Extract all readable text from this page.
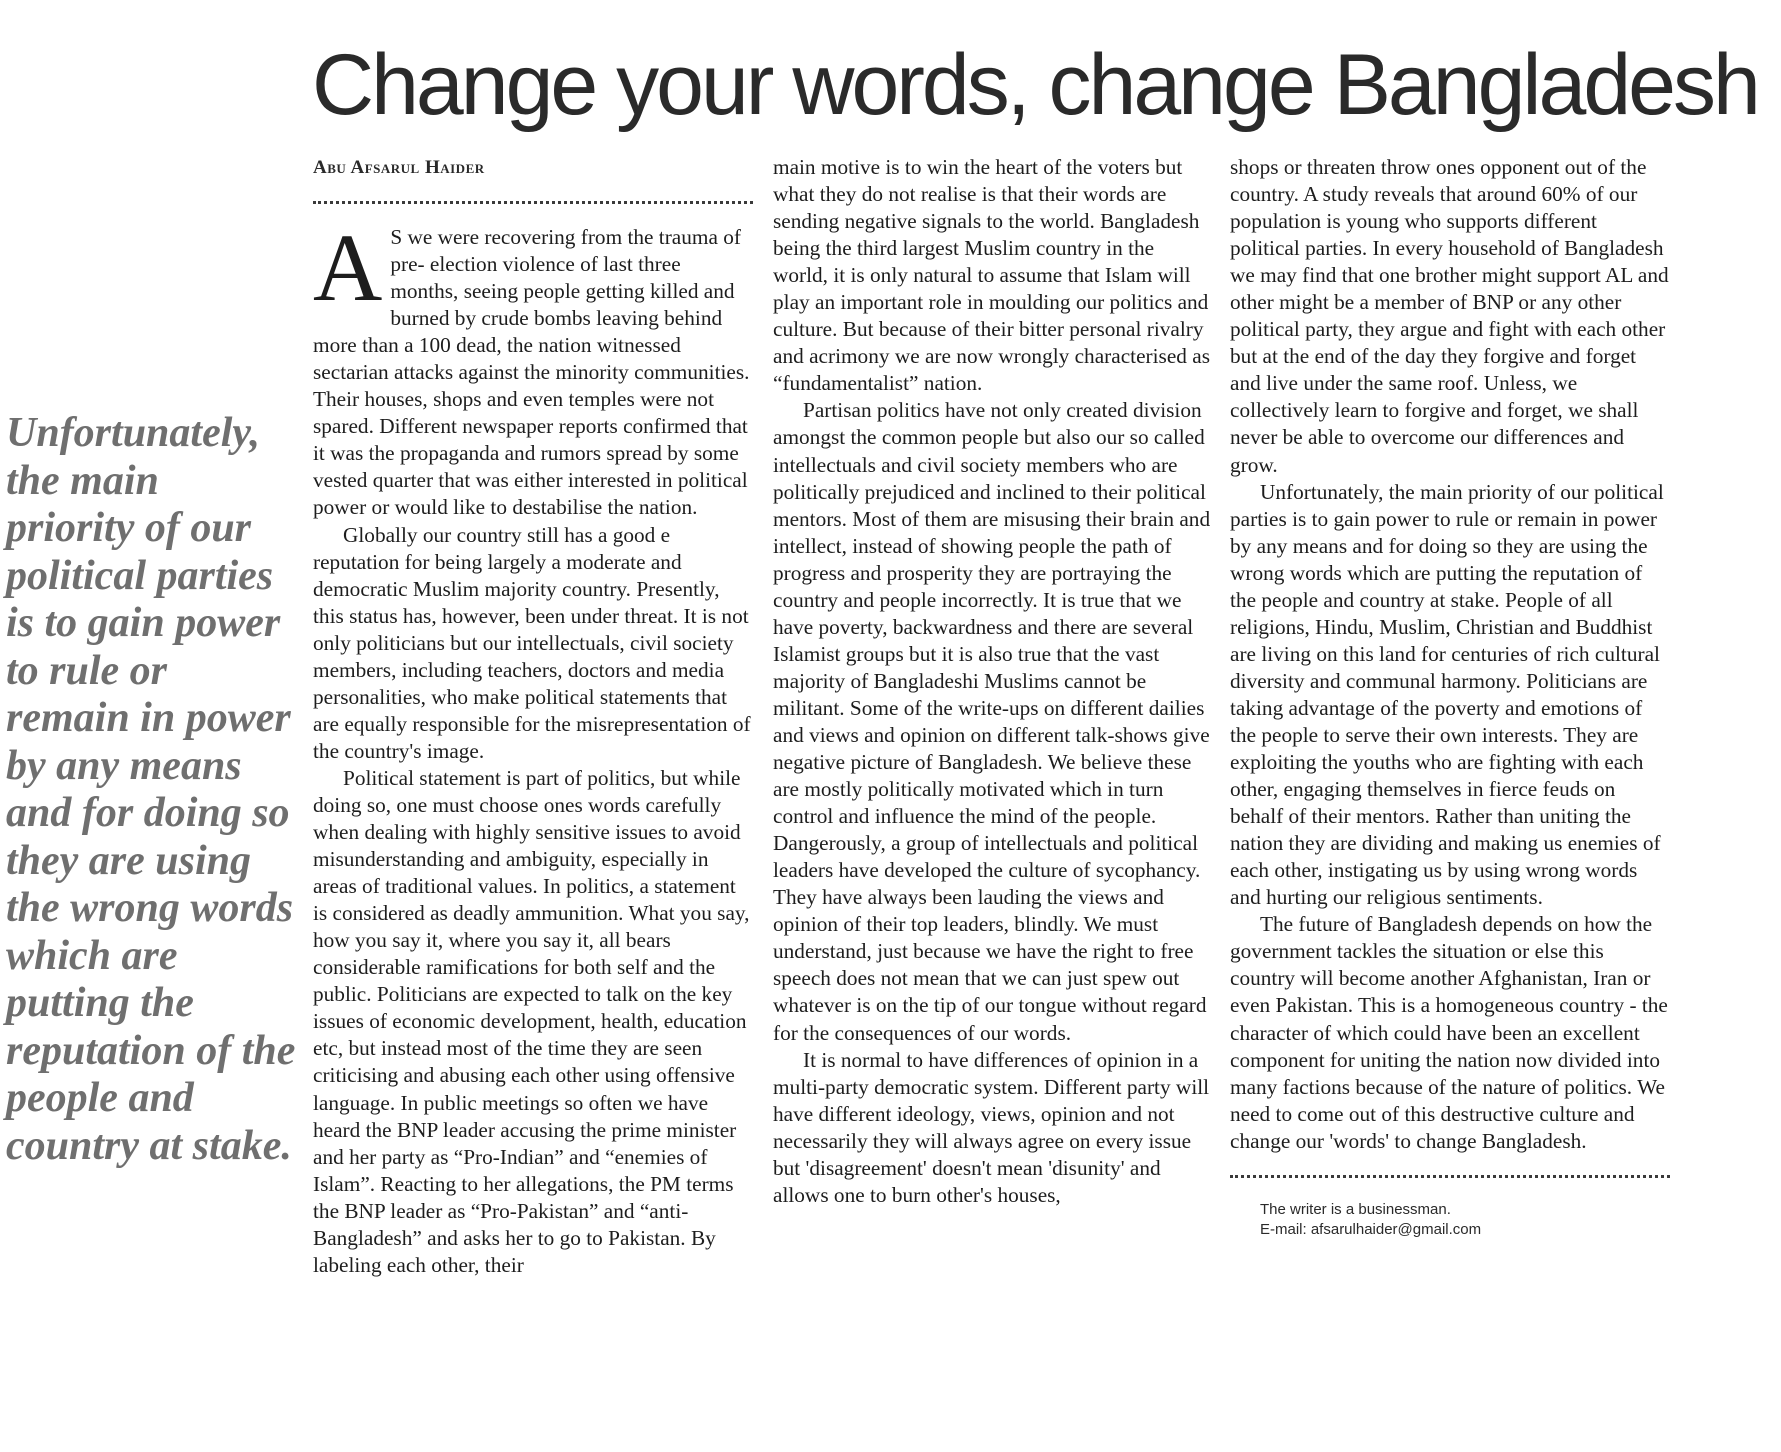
Change your words, change Bangladesh

Unfortunately, the main priority of our political parties is to gain power to rule or remain in power by any means and for doing so they are using the wrong words which are putting the reputation of the people and country at stake.

Abu Afsarul Haider
A S we were recovering from the trauma of pre- election violence of last three months, seeing people getting killed and burned by crude bombs leaving behind more than a 100 dead, the nation witnessed sectarian attacks against the minority communities. Their houses, shops and even temples were not spared. Different newspaper reports confirmed that it was the propaganda and rumors spread by some vested quarter that was either interested in political power or would like to destabilise the nation.

Globally our country still has a good e reputation for being largely a moderate and democratic Muslim majority country. Presently, this status has, however, been under threat. It is not only politicians but our intellectuals, civil society members, including teachers, doctors and media personalities, who make political statements that are equally responsible for the misrepresentation of the country's image.

Political statement is part of politics, but while doing so, one must choose ones words carefully when dealing with highly sensitive issues to avoid misunderstanding and ambiguity, especially in areas of traditional values. In politics, a statement is considered as deadly ammunition. What you say, how you say it, where you say it, all bears considerable ramifications for both self and the public. Politicians are expected to talk on the key issues of economic development, health, education etc, but instead most of the time they are seen criticising and abusing each other using offensive language. In public meetings so often we have heard the BNP leader accusing the prime minister and her party as “Pro-Indian” and “enemies of Islam”. Reacting to her allegations, the PM terms the BNP leader as “Pro-Pakistan” and “anti-Bangladesh” and asks her to go to Pakistan. By labeling each other, their

main motive is to win the heart of the voters but what they do not realise is that their words are sending negative signals to the world. Bangladesh being the third largest Muslim country in the world, it is only natural to assume that Islam will play an important role in moulding our politics and culture. But because of their bitter personal rivalry and acrimony we are now wrongly characterised as “fundamentalist” nation.

Partisan politics have not only created division amongst the common people but also our so called intellectuals and civil society members who are politically prejudiced and inclined to their political mentors. Most of them are misusing their brain and intellect, instead of showing people the path of progress and prosperity they are portraying the country and people incorrectly. It is true that we have poverty, backwardness and there are several Islamist groups but it is also true that the vast majority of Bangladeshi Muslims cannot be militant. Some of the write-ups on different dailies and views and opinion on different talk-shows give negative picture of Bangladesh. We believe these are mostly politically motivated which in turn control and influence the mind of the people. Dangerously, a group of intellectuals and political leaders have developed the culture of sycophancy. They have always been lauding the views and opinion of their top leaders, blindly. We must understand, just because we have the right to free speech does not mean that we can just spew out whatever is on the tip of our tongue without regard for the consequences of our words.

It is normal to have differences of opinion in a multi-party democratic system. Different party will have different ideology, views, opinion and not necessarily they will always agree on every issue but 'disagreement' doesn't mean 'disunity' and allows one to burn other's houses,

shops or threaten throw ones opponent out of the country. A study reveals that around 60% of our population is young who supports different political parties. In every household of Bangladesh we may find that one brother might support AL and other might be a member of BNP or any other political party, they argue and fight with each other but at the end of the day they forgive and forget and live under the same roof. Unless, we collectively learn to forgive and forget, we shall never be able to overcome our differences and grow.

Unfortunately, the main priority of our political parties is to gain power to rule or remain in power by any means and for doing so they are using the wrong words which are putting the reputation of the people and country at stake. People of all religions, Hindu, Muslim, Christian and Buddhist are living on this land for centuries of rich cultural diversity and communal harmony. Politicians are taking advantage of the poverty and emotions of the people to serve their own interests. They are exploiting the youths who are fighting with each other, engaging themselves in fierce feuds on behalf of their mentors. Rather than uniting the nation they are dividing and making us enemies of each other, instigating us by using wrong words and hurting our religious sentiments.

The future of Bangladesh depends on how the government tackles the situation or else this country will become another Afghanistan, Iran or even Pakistan. This is a homogeneous country - the character of which could have been an excellent component for uniting the nation now divided into many factions because of the nature of politics. We need to come out of this destructive culture and change our 'words' to change Bangladesh.

The writer is a businessman.

E-mail: afsarulhaider@gmail.com
